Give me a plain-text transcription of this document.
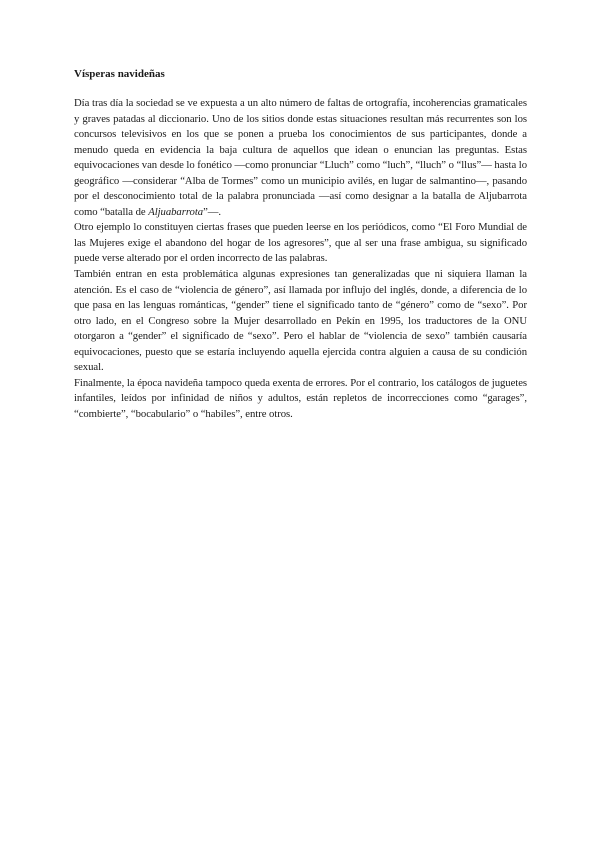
Vísperas navideñas

Día tras día la sociedad se ve expuesta a un alto número de faltas de ortografía, incoherencias gramaticales y graves patadas al diccionario. Uno de los sitios donde estas situaciones resultan más recurrentes son los concursos televisivos en los que se ponen a prueba los conocimientos de sus participantes, donde a menudo queda en evidencia la baja cultura de aquellos que idean o enuncian las preguntas. Estas equivocaciones van desde lo fonético —como pronunciar “Lluch” como “luch”, “lluch” o “llus”— hasta lo geográfico —considerar “Alba de Tormes” como un municipio avilés, en lugar de salmantino—, pasando por el desconocimiento total de la palabra pronunciada —así como designar a la batalla de Aljubarrota como “batalla de Aljuabarrota”—.

Otro ejemplo lo constituyen ciertas frases que pueden leerse en los periódicos, como “El Foro Mundial de las Mujeres exige el abandono del hogar de los agresores”, que al ser una frase ambigua, su significado puede verse alterado por el orden incorrecto de las palabras.

También entran en esta problemática algunas expresiones tan generalizadas que ni siquiera llaman la atención. Es el caso de “violencia de género”, así llamada por influjo del inglés, donde, a diferencia de lo que pasa en las lenguas románticas, “gender” tiene el significado tanto de “género” como de “sexo”. Por otro lado, en el Congreso sobre la Mujer desarrollado en Pekín en 1995, los traductores de la ONU otorgaron a “gender” el significado de “sexo”. Pero el hablar de “violencia de sexo” también causaría equivocaciones, puesto que se estaría incluyendo aquella ejercida contra alguien a causa de su condición sexual.

Finalmente, la época navideña tampoco queda exenta de errores. Por el contrario, los catálogos de juguetes infantiles, leídos por infinidad de niños y adultos, están repletos de incorrecciones como “garages”, “combierte”, “bocabulario” o “habiles”, entre otros.
